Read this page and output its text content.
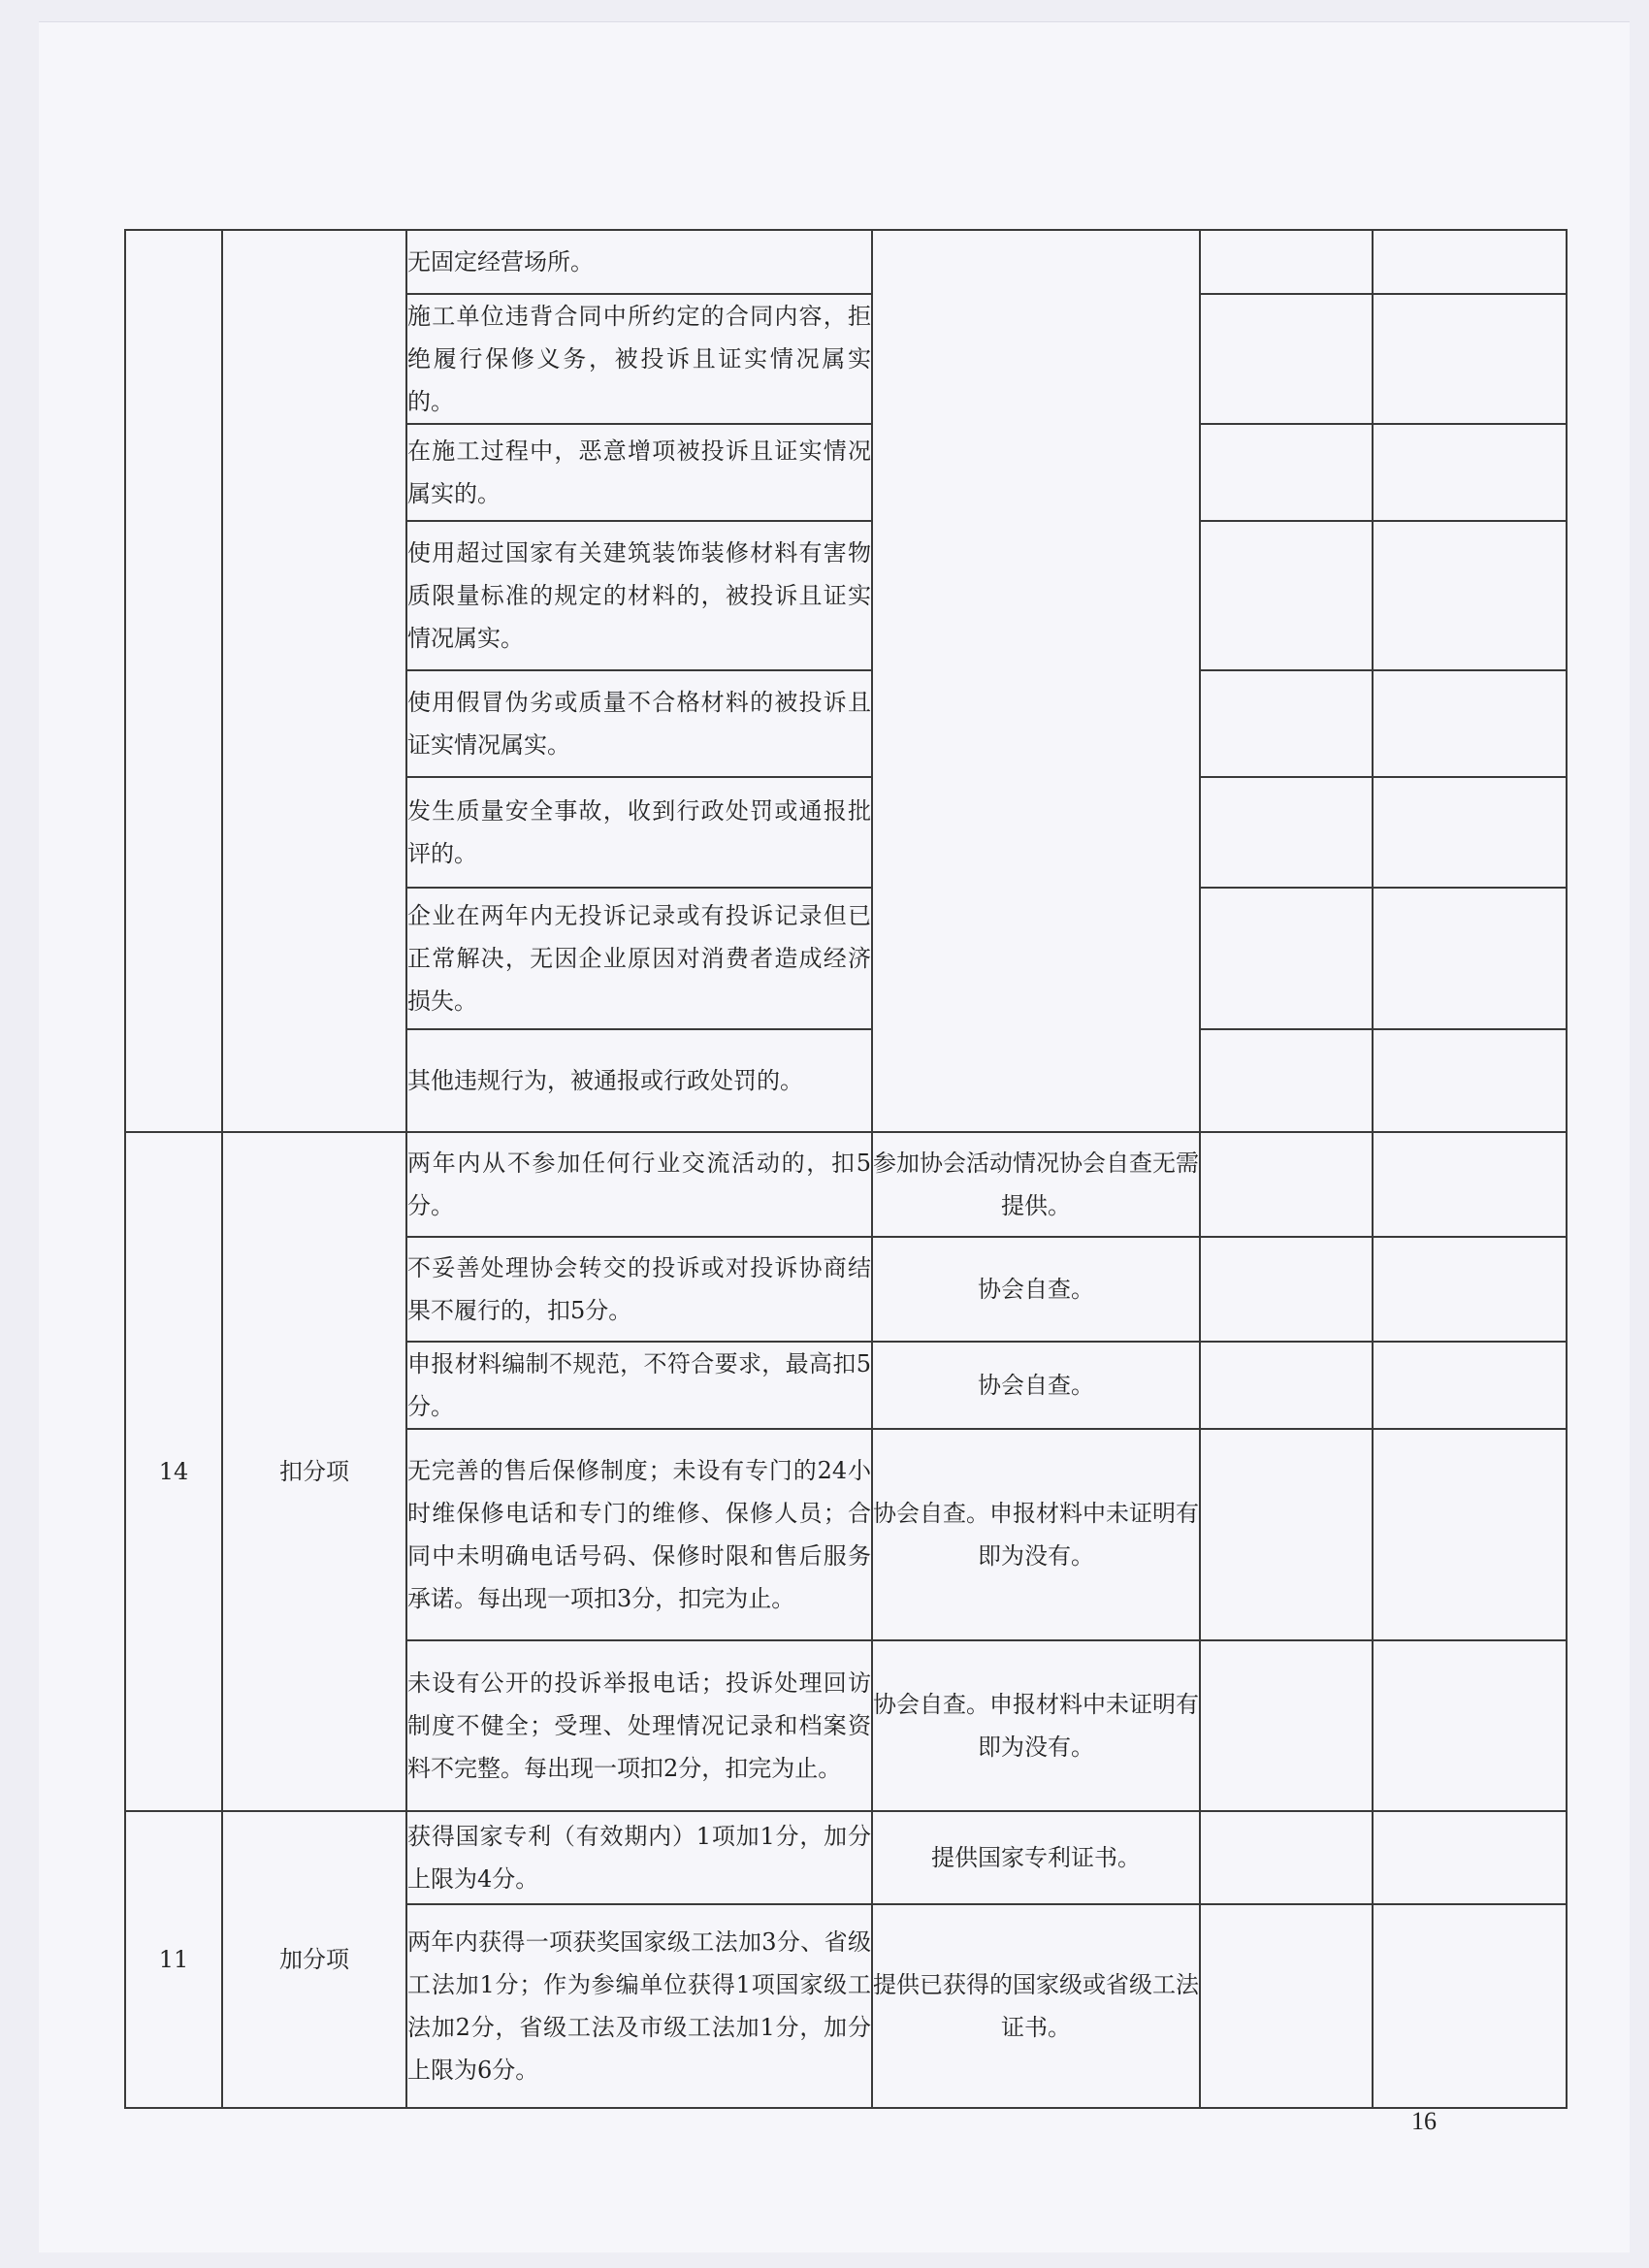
		无固定经营场所。			
		施工单位违背合同中所约定的合同内容，拒绝履行保修义务，被投诉且证实情况属实的。			
		在施工过程中，恶意增项被投诉且证实情况属实的。			
		使用超过国家有关建筑装饰装修材料有害物质限量标准的规定的材料的，被投诉且证实情况属实。			
		使用假冒伪劣或质量不合格材料的被投诉且证实情况属实。			
		发生质量安全事故，收到行政处罚或通报批评的。			
		企业在两年内无投诉记录或有投诉记录但已正常解决，无因企业原因对消费者造成经济损失。			
		其他违规行为，被通报或行政处罚的。			
14	扣分项	两年内从不参加任何行业交流活动的，扣5分。	参加协会活动情况协会自查无需提供。		
		不妥善处理协会转交的投诉或对投诉协商结果不履行的，扣5分。	协会自查。		
		申报材料编制不规范，不符合要求，最高扣5分。	协会自查。		
		无完善的售后保修制度；未设有专门的24小时维保修电话和专门的维修、保修人员；合同中未明确电话号码、保修时限和售后服务承诺。每出现一项扣3分，扣完为止。	协会自查。申报材料中未证明有即为没有。		
		未设有公开的投诉举报电话；投诉处理回访制度不健全；受理、处理情况记录和档案资料不完整。每出现一项扣2分，扣完为止。	协会自查。申报材料中未证明有即为没有。		
11	加分项	获得国家专利（有效期内）1项加1分，加分上限为4分。	提供国家专利证书。		
		两年内获得一项获奖国家级工法加3分、省级工法加1分；作为参编单位获得1项国家级工法加2分，省级工法及市级工法加1分，加分上限为6分。	提供已获得的国家级或省级工法证书。		
16
